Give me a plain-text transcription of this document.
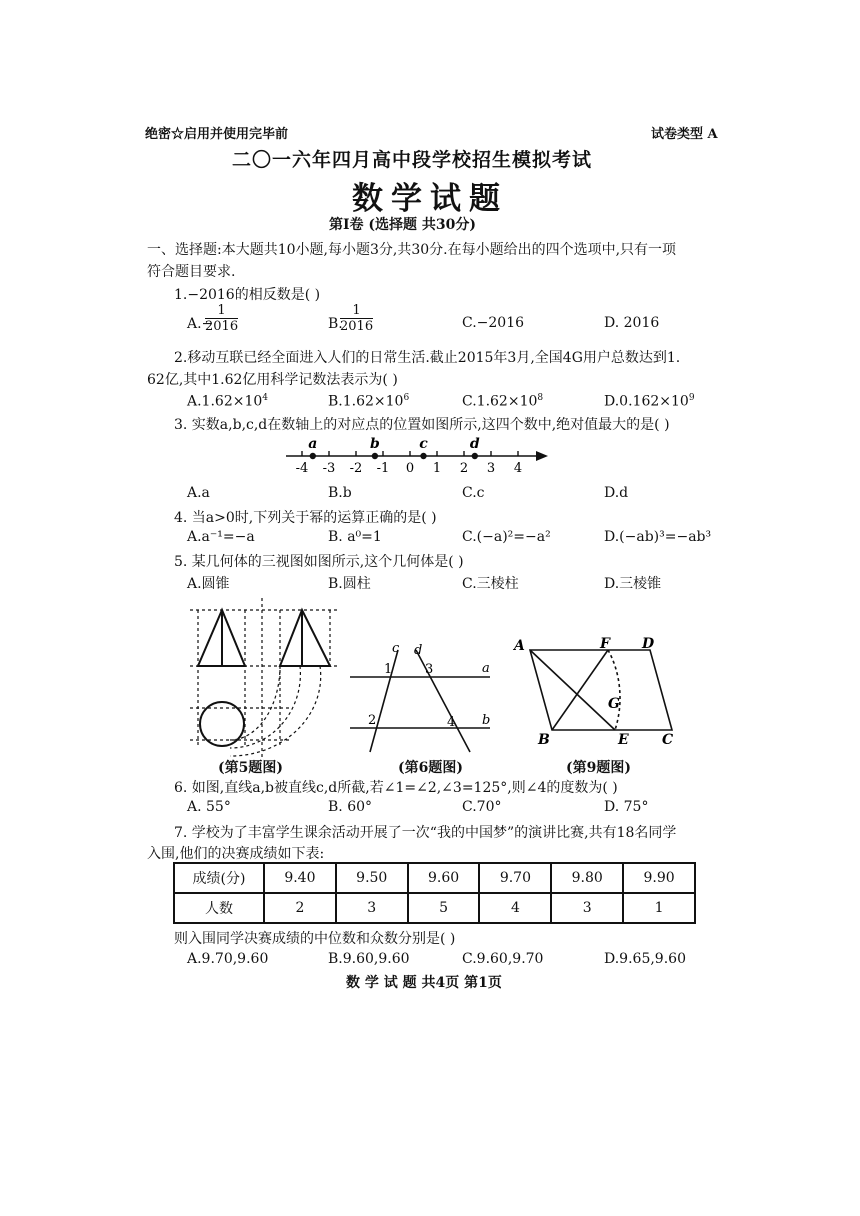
绝密☆启用并使用完毕前	试卷类型 A
二〇一六年四月高中段学校招生模拟考试
数学试题
第Ⅰ卷 (选择题 共30分)
一、选择题:本大题共10小题,每小题3分,共30分.在每小题给出的四个选项中,只有一项
符合题目要求.
1.−2016的相反数是( )
A.−
$\frac{1}{2016}$	B.
$\frac{1}{2016}$	C.−2016	D. 2016
2.移动互联已经全面进入人们的日常生活.截止2015年3月,全国4G用户总数达到1.
62亿,其中1.62亿用科学记数法表示为( )
$A.1.62\times 10^4$	$B.1.62\times 10^6$	$C.1.62\times 10^8$	$D.0.162\times 10^9$
3. 实数a,b,c,d在数轴上的对应点的位置如图所示,这四个数中,绝对值最大的是( )
-4 -3 -2 -1 0 1 2 3 4
a	b	c	d
A.a	B.b	C.c	D.d
4. 当a>0时,下列关于幂的运算正确的是( )
A.a⁻¹=−a	B. a⁰=1	C.(−a)²=−a²	D.(−ab)³=−ab³
5. 某几何体的三视图如图所示,这个几何体是( )
A.圆锥	B.圆柱	C.三棱柱	D.三棱锥
c d
a
b
1	3
2	4
A	F D
G
B	E C
(第5题图)	(第6题图)	(第9题图)
6. 如图,直线a,b被直线c,d所截,若∠1=∠2,∠3=125°,则∠4的度数为( )
A. 55°	B. 60°	C.70°	D. 75°
7. 学校为了丰富学生课余活动开展了一次“我的中国梦”的演讲比赛,共有18名同学
入围,他们的决赛成绩如下表:
成绩(分)	9.40	9.50	9.60	9.70	9.80	9.90
人数	2	3	5	4	3	1
则入围同学决赛成绩的中位数和众数分别是( )
A.9.70,9.60	B.9.60,9.60	C.9.60,9.70	D.9.65,9.60
数 学 试 题 共4页 第1页
